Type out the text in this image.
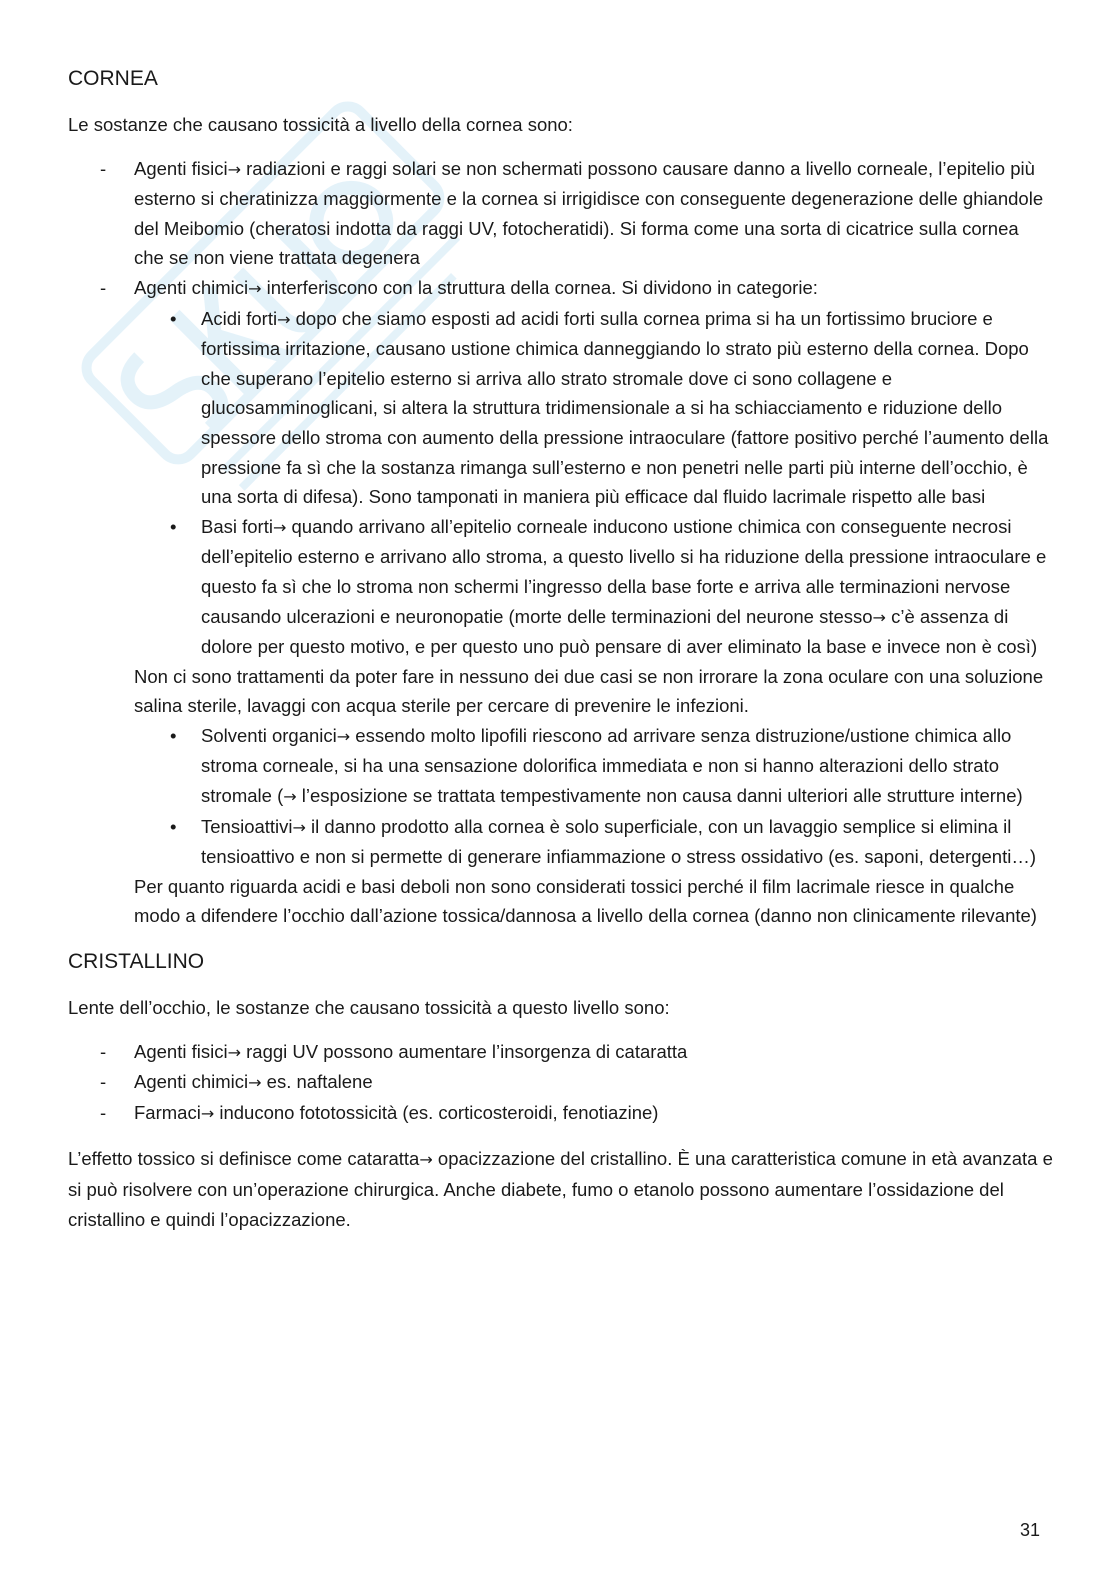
CORNEA

Le sostanze che causano tossicità a livello della cornea sono:

- Agenti fisici→ radiazioni e raggi solari se non schermati possono causare danno a livello corneale, l’epitelio più esterno si cheratinizza maggiormente e la cornea si irrigidisce con conseguente degenerazione delle ghiandole del Meibomio (cheratosi indotta da raggi UV, fotocheratidi). Si forma come una sorta di cicatrice sulla cornea che se non viene trattata degenera
- Agenti chimici→ interferiscono con la struttura della cornea. Si dividono in categorie:
• Acidi forti→ dopo che siamo esposti ad acidi forti sulla cornea prima si ha un fortissimo bruciore e fortissima irritazione, causano ustione chimica danneggiando lo strato più esterno della cornea. Dopo che superano l’epitelio esterno si arriva allo strato stromale dove ci sono collagene e glucosamminoglicani, si altera la struttura tridimensionale a si ha schiacciamento e riduzione dello spessore dello stroma con aumento della pressione intraoculare (fattore positivo perché l’aumento della pressione fa sì che la sostanza rimanga sull’esterno e non penetri nelle parti più interne dell’occhio, è una sorta di difesa). Sono tamponati in maniera più efficace dal fluido lacrimale rispetto alle basi
• Basi forti→ quando arrivano all’epitelio corneale inducono ustione chimica con conseguente necrosi dell’epitelio esterno e arrivano allo stroma, a questo livello si ha riduzione della pressione intraoculare e questo fa sì che lo stroma non schermi l’ingresso della base forte e arriva alle terminazioni nervose causando ulcerazioni e neuronopatie (morte delle terminazioni del neurone stesso→ c’è assenza di dolore per questo motivo, e per questo uno può pensare di aver eliminato la base e invece non è così)

Non ci sono trattamenti da poter fare in nessuno dei due casi se non irrorare la zona oculare con una soluzione salina sterile, lavaggi con acqua sterile per cercare di prevenire le infezioni.

• Solventi organici→ essendo molto lipofili riescono ad arrivare senza distruzione/ustione chimica allo stroma corneale, si ha una sensazione dolorifica immediata e non si hanno alterazioni dello strato stromale (→ l’esposizione se trattata tempestivamente non causa danni ulteriori alle strutture interne)
• Tensioattivi→ il danno prodotto alla cornea è solo superficiale, con un lavaggio semplice si elimina il tensioattivo e non si permette di generare infiammazione o stress ossidativo (es. saponi, detergenti…)

Per quanto riguarda acidi e basi deboli non sono considerati tossici perché il film lacrimale riesce in qualche modo a difendere l’occhio dall’azione tossica/dannosa a livello della cornea (danno non clinicamente rilevante)

CRISTALLINO

Lente dell’occhio, le sostanze che causano tossicità a questo livello sono:

- Agenti fisici→ raggi UV possono aumentare l’insorgenza di cataratta
- Agenti chimici→ es. naftalene
- Farmaci→ inducono fototossicità (es. corticosteroidi, fenotiazine)

L’effetto tossico si definisce come cataratta→ opacizzazione del cristallino. È una caratteristica comune in età avanzata e si può risolvere con un’operazione chirurgica. Anche diabete, fumo o etanolo possono aumentare l’ossidazione del cristallino e quindi l’opacizzazione.

31
